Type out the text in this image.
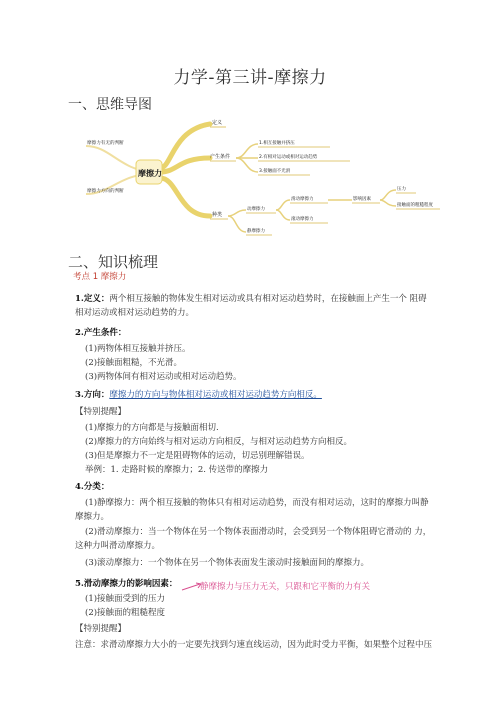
力学-第三讲-摩擦力
一、思维导图
摩擦力
摩擦力有无的判断
摩擦力方向的判断
定义
产生条件
1.相互接触并挤压
2.有相对运动或相对运动趋势
3.接触面不光滑
种类
动摩擦力
静摩擦力
滑动摩擦力
滚动摩擦力
影响因素
压力
接触面的粗糙程度
二、知识梳理
考点 1 摩擦力
1.定义：两个相互接触的物体发生相对运动或具有相对运动趋势时，在接触面上产生一个 阻碍
相对运动或相对运动趋势的力。
2.产生条件：
(1)两物体相互接触并挤压。
(2)接触面粗糙，不光滑。
(3)两物体间有相对运动或相对运动趋势。
3.方向：摩擦力的方向与物体相对运动或相对运动趋势方向相反。
【特别提醒】
(1)摩擦力的方向都是与接触面相切.
(2)摩擦力的方向始终与相对运动方向相反，与相对运动趋势方向相反。
(3)但是摩擦力不一定是阻碍物体的运动，切忌别理解错误。
举例：1. 走路时候的摩擦力；2. 传送带的摩擦力
4.分类：
(1)静摩擦力：两个相互接触的物体只有相对运动趋势，而没有相对运动，这时的摩擦力叫静
摩擦力。
(2)滑动摩擦力：当一个物体在另一个物体表面滑动时，会受到另一个物体阻碍它滑动的 力，
这种力叫滑动摩擦力。
(3)滚动摩擦力：一个物体在另一个物体表面发生滚动时接触面间的摩擦力。
5.滑动摩擦力的影响因素：	静摩擦力与压力无关，只跟和它平衡的力有关
(1)接触面受到的压力
(2)接触面的粗糙程度
【特别提醒】
注意：求滑动摩擦力大小的一定要先找到匀速直线运动，因为此时受力平衡，如果整个过程中压
